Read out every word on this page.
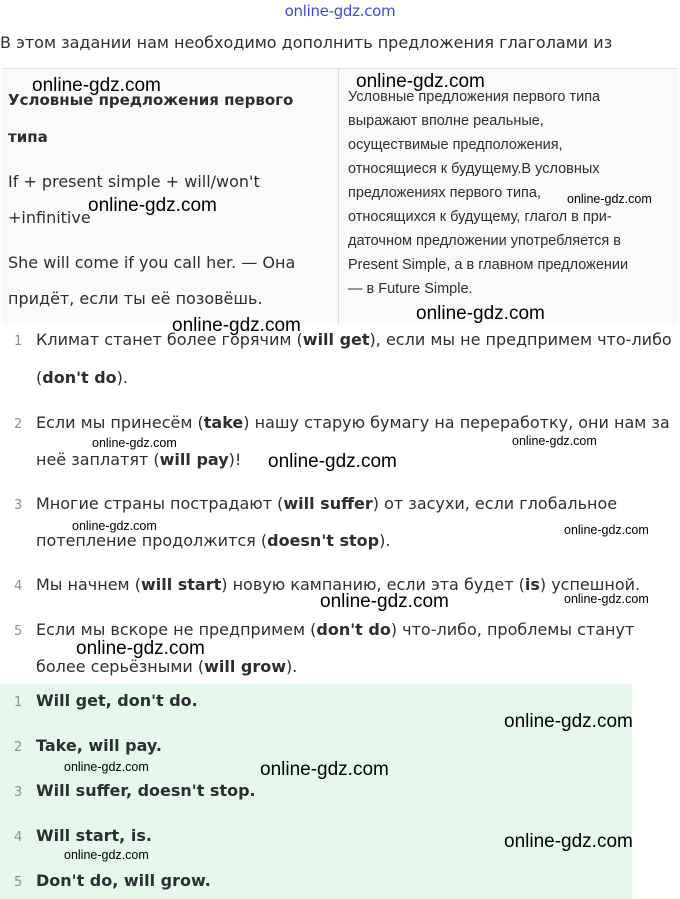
online-gdz.com
В этом задании нам необходимо дополнить предложения глаголами из
Условные предложения первого
типа
If + present simple + will/won't
+infinitive
She will come if you call her. — Она
придёт, если ты её позовёшь.
Условные предложения первого типа
выражают вполне реальные,
осуществимые предположения,
относящиеся к будущему.В условных
предложениях первого типа,
относящихся к будущему, глагол в при-
даточном предложении употребляется в
Present Simple, а в главном предложении
— в Future Simple.
1 Климат станет более горячим (will get), если мы не предпримем что-либо
(don't do).
2 Если мы принесём (take) нашу старую бумагу на переработку, они нам за
неё заплатят (will pay)!
3 Многие страны пострадают (will suffer) от засухи, если глобальное
потепление продолжится (doesn't stop).
4 Мы начнем (will start) новую кампанию, если эта будет (is) успешной.
5 Если мы вскоре не предпримем (don't do) что-либо, проблемы станут
более серьёзными (will grow).
1 Will get, don't do.
2 Take, will pay.
3 Will suffer, doesn't stop.
4 Will start, is.
5 Don't do, will grow.
online-gdz.com	online-gdz.com
online-gdz.com
online-gdz.com
online-gdz.com
online-gdz.com
online-gdz.com	online-gdz.com
online-gdz.com
online-gdz.com	online-gdz.com
online-gdz.com	online-gdz.com
online-gdz.com
online-gdz.com
online-gdz.com	online-gdz.com
online-gdz.com
online-gdz.com
